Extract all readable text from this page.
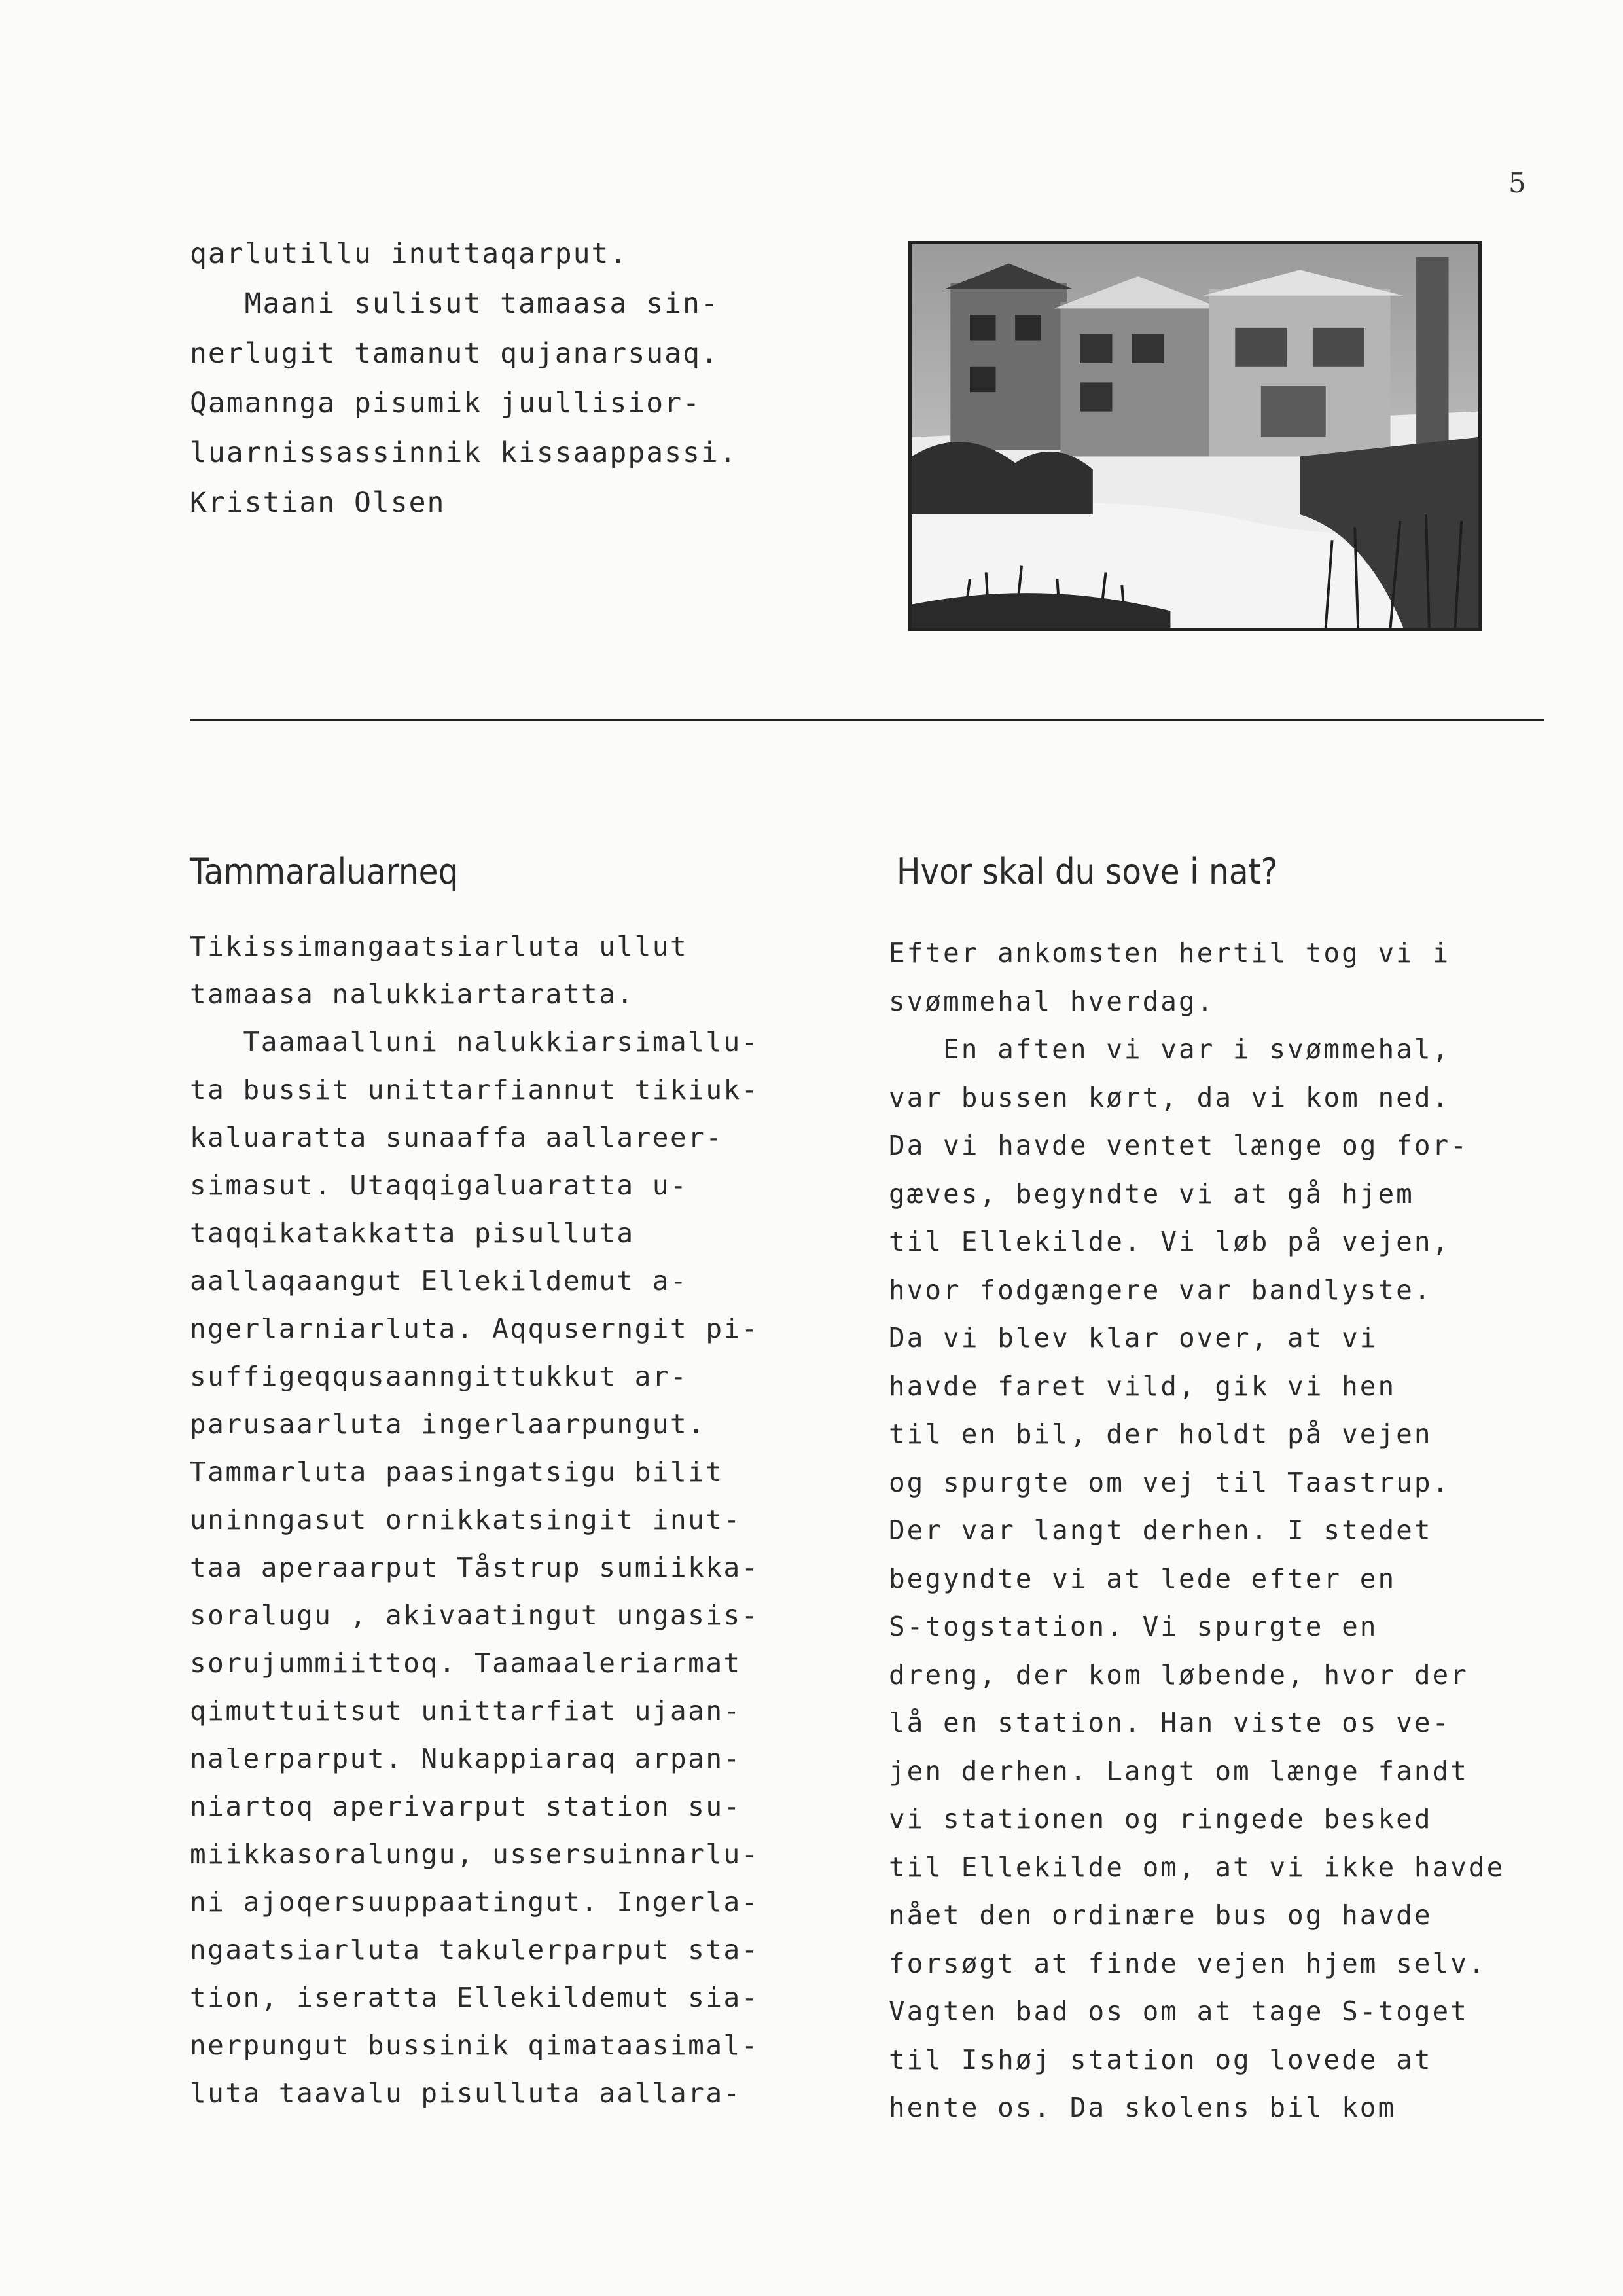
5

qarlutillu inuttaqarput.

Maani sulisut tamaasa sin-

nerlugit tamanut qujanarsuaq.

Qamannga pisumik juullisior-

luarnissassinnik kissaappassi.

Kristian Olsen

Tammaraluarneq	Hvor skal du sove i nat?

Tikissimangaatsiarluta ullut

tamaasa nalukkiartaratta.

Taamaalluni nalukkiarsimallu-

ta bussit unittarfiannut tikiuk-

kaluaratta sunaaffa aallareer-

simasut. Utaqqigaluaratta u-

taqqikatakkatta pisulluta

aallaqaangut Ellekildemut a-

ngerlarniarluta. Aqquserngit pi-

suffigeqqusaanngittukkut ar-

parusaarluta ingerlaarpungut.

Tammarluta paasingatsigu bilit

uninngasut ornikkatsingit inut-

taa aperaarput Tåstrup sumiikka-

soralugu , akivaatingut ungasis-

sorujummiittoq. Taamaaleriarmat

qimuttuitsut unittarfiat ujaan-

nalerparput. Nukappiaraq arpan-

niartoq aperivarput station su-

miikkasoralungu, ussersuinnarlu-

ni ajoqersuuppaatingut. Ingerla-

ngaatsiarluta takulerparput sta-

tion, iseratta Ellekildemut sia-

nerpungut bussinik qimataasimal-

luta taavalu pisulluta aallara-

Efter ankomsten hertil tog vi i

svømmehal hverdag.

En aften vi var i svømmehal,

var bussen kørt, da vi kom ned.

Da vi havde ventet længe og for-

gæves, begyndte vi at gå hjem

til Ellekilde. Vi løb på vejen,

hvor fodgængere var bandlyste.

Da vi blev klar over, at vi

havde faret vild, gik vi hen

til en bil, der holdt på vejen

og spurgte om vej til Taastrup.

Der var langt derhen. I stedet

begyndte vi at lede efter en

S-togstation. Vi spurgte en

dreng, der kom løbende, hvor der

lå en station. Han viste os ve-

jen derhen. Langt om længe fandt

vi stationen og ringede besked

til Ellekilde om, at vi ikke havde

nået den ordinære bus og havde

forsøgt at finde vejen hjem selv.

Vagten bad os om at tage S-toget

til Ishøj station og lovede at

hente os. Da skolens bil kom
